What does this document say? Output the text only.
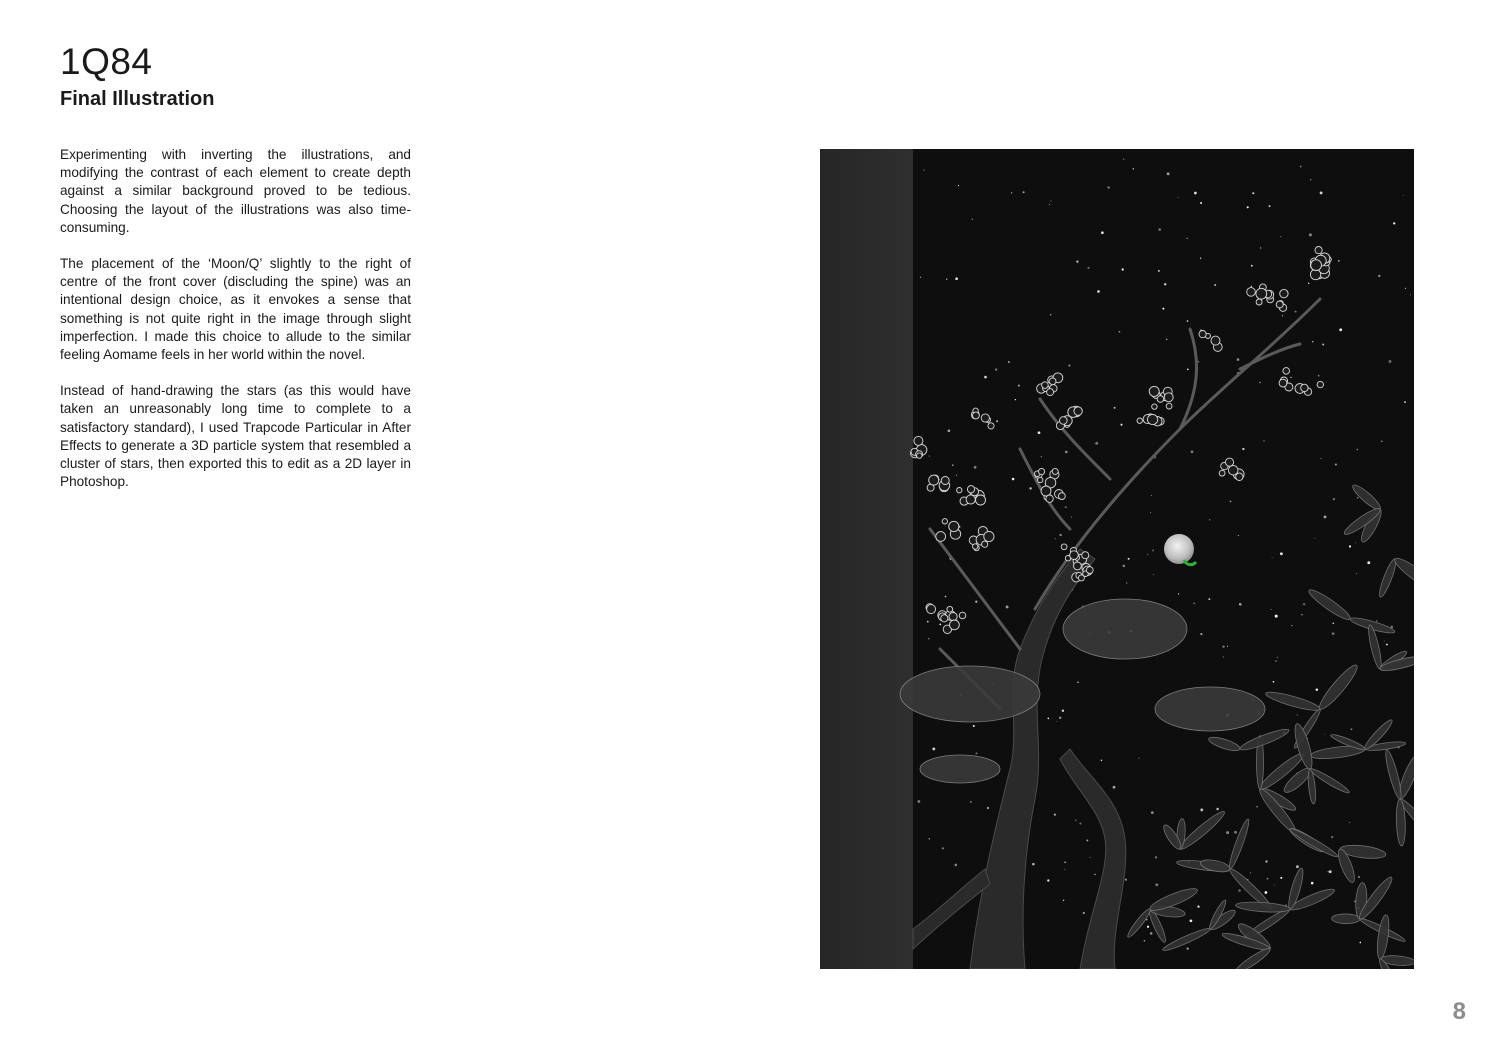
1Q84
Final Illustration

Experimenting with inverting the illustrations, and modifying the contrast of each element to create depth against a similar background proved to be tedious. Choosing the layout of the illustrations was also time-consuming.

The placement of the ‘Moon/Q’ slightly to the right of centre of the front cover (discluding the spine) was an intentional design choice, as it envokes a sense that something is not quite right in the image through slight imperfection. I made this choice to allude to the similar feeling Aomame feels in her world within the novel.

Instead of hand-drawing the stars (as this would have taken an unreasonably long time to complete to a satisfactory standard), I used Trapcode Particular in After Effects to generate a 3D particle system that resembled a cluster of stars, then exported this to edit as a 2D layer in Photoshop.

8
